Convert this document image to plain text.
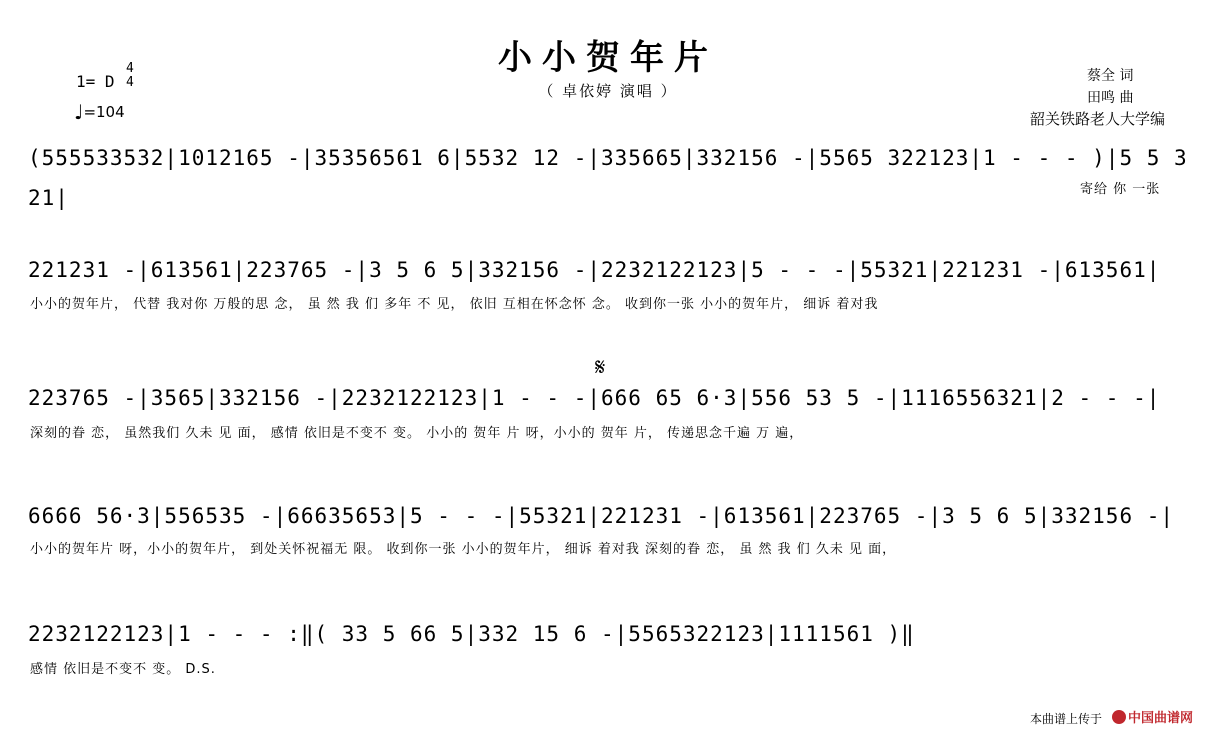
小小贺年片
（ 卓依婷 演唱 ）
1= D
4
4
♩=104
蔡全 词
田鸣 曲
韶关铁路老人大学编
(555533532|1012165 -|35356561 6|5532 12 -|335665|332156 -|5565 322123|1 - - - )|5 5 3 21|	寄给 你 一张
221231 -|613561|223765 -|3 5 6 5|332156 -|2232122123|5 - - -|55321|221231 -|613561|
小小的贺年片， 代替 我对你 万般的思 念， 虽 然 我 们 多年 不 见， 依旧 互相在怀念怀 念。 收到你一张 小小的贺年片， 细诉 着对我
𝄋
223765 -|3565|332156 -|2232122123|1 - - -|666 65 6·3|556 53 5 -|1116556321|2 - - -|
深刻的眷 恋， 虽然我们 久未 见 面， 感情 依旧是不变不 变。 小小的 贺年 片 呀，小小的 贺年 片， 传递思念千遍 万 遍，
6666 56·3|556535 -|66635653|5 - - -|55321|221231 -|613561|223765 -|3 5 6 5|332156 -|
小小的贺年片 呀，小小的贺年片， 到处关怀祝福无 限。 收到你一张 小小的贺年片， 细诉 着对我 深刻的眷 恋， 虽 然 我 们 久未 见 面，
2232122123|1 - - - :‖( 33 5 66 5|332 15 6 -|5565322123|1111561 )‖
感情 依旧是不变不 变。 D.S.
本曲谱上传于	中国曲谱网
